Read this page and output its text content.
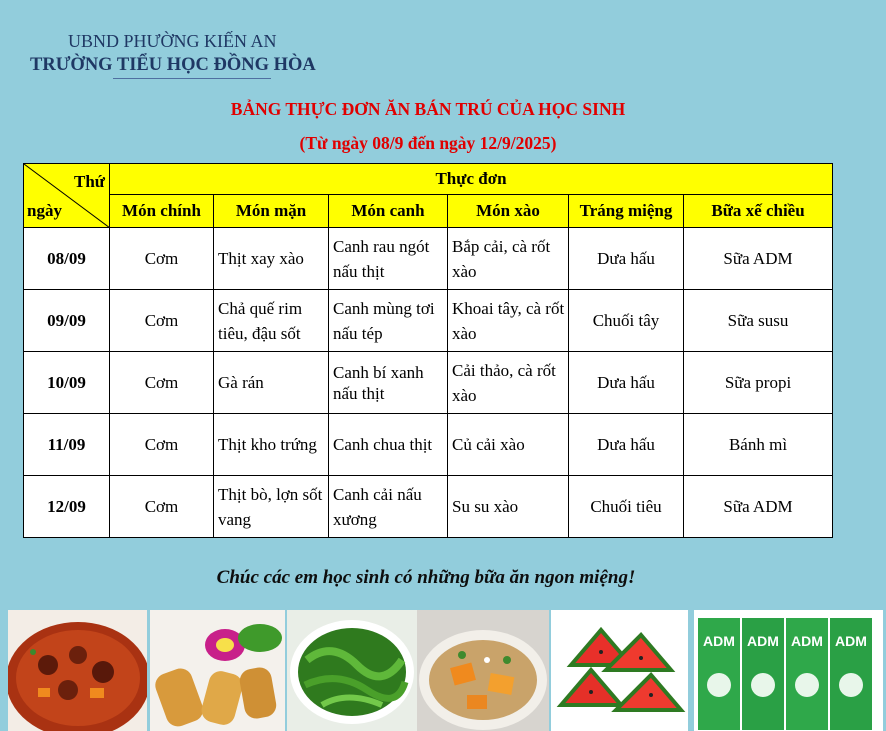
UBND PHƯỜNG KIẾN AN
TRƯỜNG TIỂU HỌC ĐỒNG HÒA
BẢNG THỰC ĐƠN ĂN BÁN TRÚ CỦA HỌC SINH
(Từ ngày 08/9 đến ngày 12/9/2025)
Thứ
ngày	Thực đơn					
	Món chính	Món mặn	Món canh	Món xào	Tráng miệng	Bữa xế chiều
08/09	Cơm	Thịt xay xào	Canh rau ngót nấu thịt	Bắp cải, cà rốt xào	Dưa hấu	Sữa ADM
09/09	Cơm	Chả quế rim tiêu, đậu sốt	Canh mùng tơi nấu tép	Khoai tây, cà rốt xào	Chuối tây	Sữa susu
10/09	Cơm	Gà rán	Canh bí xanh nấu thịt	Cải thảo, cà rốt xào	Dưa hấu	Sữa propi
11/09	Cơm	Thịt kho trứng	Canh chua thịt	Củ cải xào	Dưa hấu	Bánh mì
12/09	Cơm	Thịt bò, lợn sốt vang	Canh cải nấu xương	Su su xào	Chuối tiêu	Sữa ADM
Chúc các em học sinh có những bữa ăn ngon miệng!
ADM ADM ADM ADM
